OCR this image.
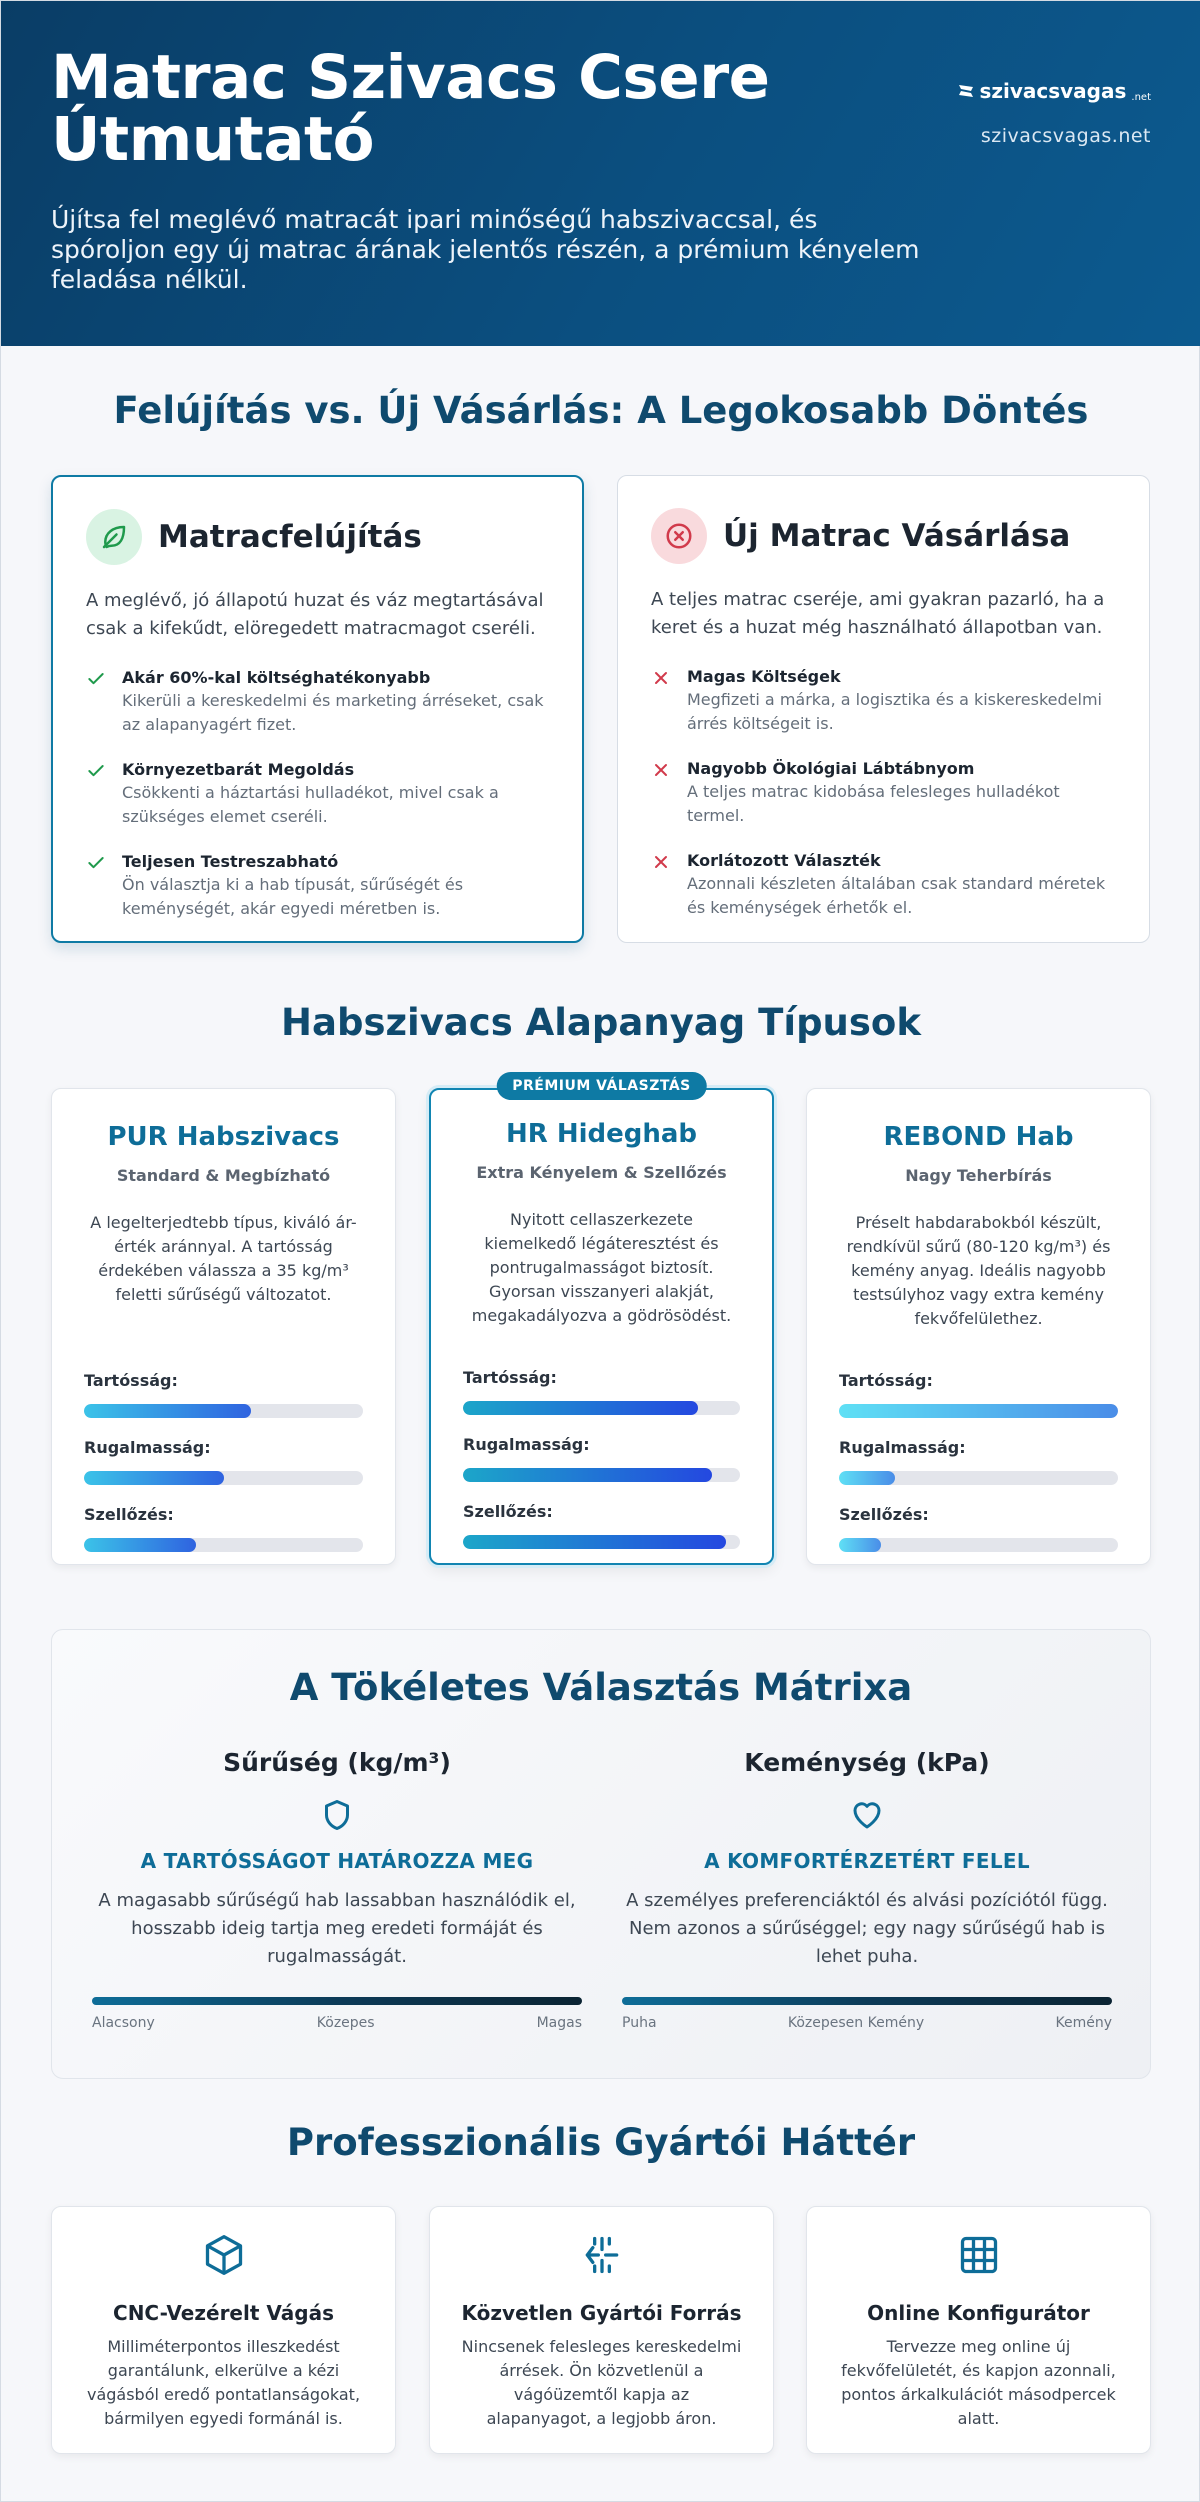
Matrac Szivacs Csere Útmutató

Újítsa fel meglévő matracát ipari minőségű habszivaccsal, és spóroljon egy új matrac árának jelentős részén, a prémium kényelem feladása nélkül.

szivacsvagas .net
szivacsvagas.net
Felújítás vs. Új Vásárlás: A Legokosabb Döntés
Matracfelújítás

A meglévő, jó állapotú huzat és váz megtartásával csak a kifekűdt, elöregedett matracmagot cseréli.

Akár 60%-kal költséghatékonyabb
Kikerüli a kereskedelmi és marketing árréseket, csak az alapanyagért fizet.
Környezetbarát Megoldás
Csökkenti a háztartási hulladékot, mivel csak a szükséges elemet cseréli.
Teljesen Testreszabható
Ön választja ki a hab típusát, sűrűségét és keménységét, akár egyedi méretben is.
Új Matrac Vásárlása

A teljes matrac cseréje, ami gyakran pazarló, ha a keret és a huzat még használható állapotban van.

Magas Költségek
Megfizeti a márka, a logisztika és a kiskereskedelmi árrés költségeit is.
Nagyobb Ökológiai Lábtábnyom
A teljes matrac kidobása felesleges hulladékot termel.
Korlátozott Választék
Azonnali készleten általában csak standard méretek és keménységek érhetők el.
Habszivacs Alapanyag Típusok
PUR Habszivacs
Standard & Megbízható

A legelterjedtebb típus, kiváló ár-érték aránnyal. A tartósság érdekében válassza a 35 kg/m³ feletti sűrűségű változatot.

Tartósság:
Rugalmasság:
Szellőzés:
PRÉMIUM VÁLASZTÁS
HR Hideghab
Extra Kényelem & Szellőzés

Nyitott cellaszerkezete kiemelkedő légáteresztést és pontrugalmasságot biztosít. Gyorsan visszanyeri alakját, megakadályozva a gödrösödést.

Tartósság:
Rugalmasság:
Szellőzés:
REBOND Hab
Nagy Teherbírás

Préselt habdarabokból készült, rendkívül sűrű (80-120 kg/m³) és kemény anyag. Ideális nagyobb testsúlyhoz vagy extra kemény fekvőfelülethez.

Tartósság:
Rugalmasság:
Szellőzés:
A Tökéletes Választás Mátrixa
Sűrűség (kg/m³)
A TARTÓSSÁGOT HATÁROZZA MEG
A magasabb sűrűségű hab lassabban használódik el, hosszabb ideig tartja meg eredeti formáját és rugalmasságát.
Alacsony	Közepes	Magas
Keménység (kPa)
A KOMFORTÉRZETÉRT FELEL
A személyes preferenciáktól és alvási pozíciótól függ. Nem azonos a sűrűséggel; egy nagy sűrűségű hab is lehet puha.
Puha	Közepesen Kemény	Kemény
Professzionális Gyártói Háttér
CNC-Vezérelt Vágás

Milliméterpontos illeszkedést garantálunk, elkerülve a kézi vágásból eredő pontatlanságokat, bármilyen egyedi formánál is.

Közvetlen Gyártói Forrás

Nincsenek felesleges kereskedelmi árrések. Ön közvetlenül a vágóüzemtől kapja az alapanyagot, a legjobb áron.

Online Konfigurátor

Tervezze meg online új fekvőfelületét, és kapjon azonnali, pontos árkalkulációt másodpercek alatt.
